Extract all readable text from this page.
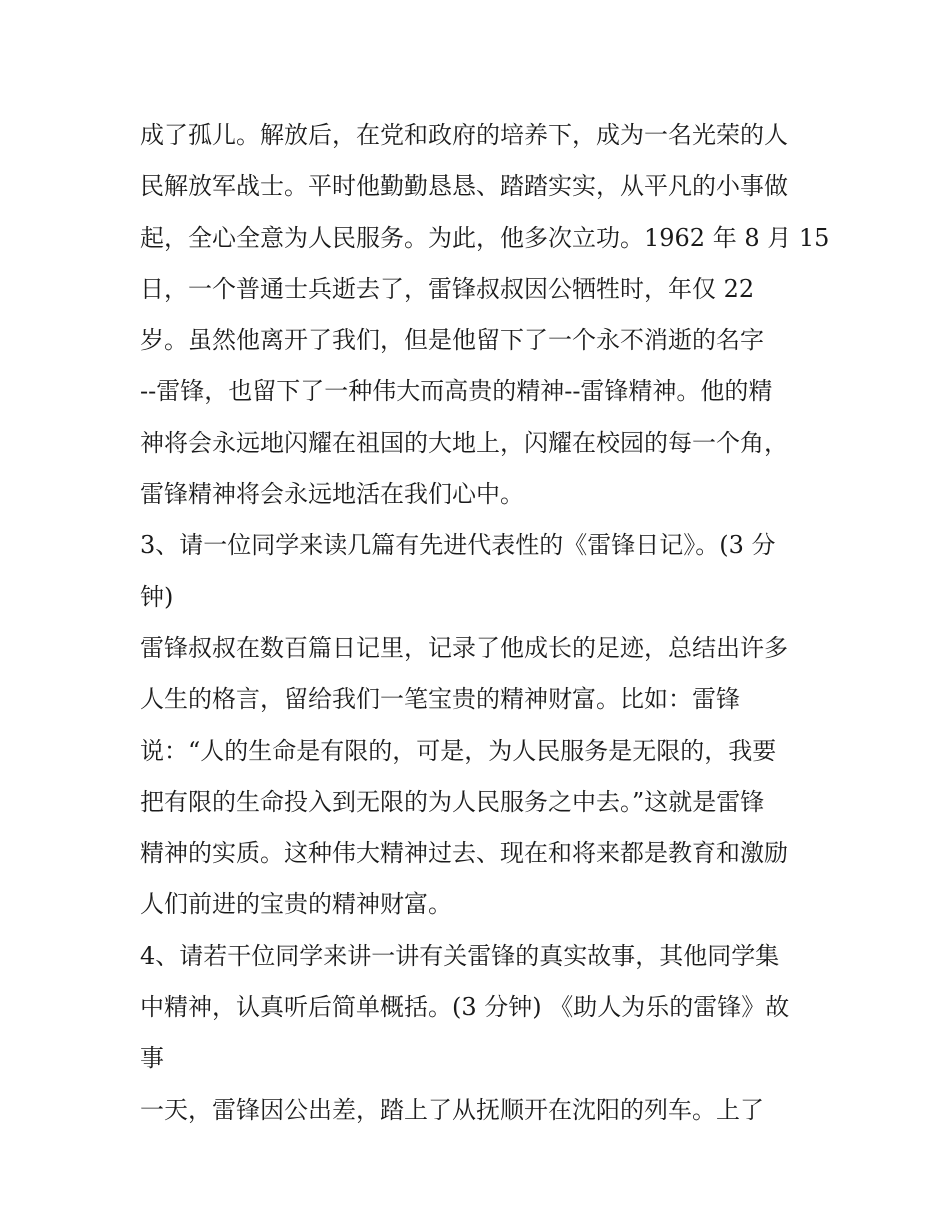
成了孤儿。解放后，在党和政府的培养下，成为一名光荣的人
民解放军战士。平时他勤勤恳恳、踏踏实实，从平凡的小事做
起，全心全意为人民服务。为此，他多次立功。1962 年 8 月 15
日，一个普通士兵逝去了，雷锋叔叔因公牺牲时，年仅 22
岁。虽然他离开了我们，但是他留下了一个永不消逝的名字
--雷锋，也留下了一种伟大而高贵的精神--雷锋精神。他的精
神将会永远地闪耀在祖国的大地上，闪耀在校园的每一个角，
雷锋精神将会永远地活在我们心中。
3、请一位同学来读几篇有先进代表性的《雷锋日记》。(3 分
钟)
雷锋叔叔在数百篇日记里，记录了他成长的足迹，总结出许多
人生的格言，留给我们一笔宝贵的精神财富。比如：雷锋
说：“人的生命是有限的，可是，为人民服务是无限的，我要
把有限的生命投入到无限的为人民服务之中去。”这就是雷锋
精神的实质。这种伟大精神过去、现在和将来都是教育和激励
人们前进的宝贵的精神财富。
4、请若干位同学来讲一讲有关雷锋的真实故事，其他同学集
中精神，认真听后简单概括。(3 分钟) 《助人为乐的雷锋》故
事
一天，雷锋因公出差，踏上了从抚顺开在沈阳的列车。上了
